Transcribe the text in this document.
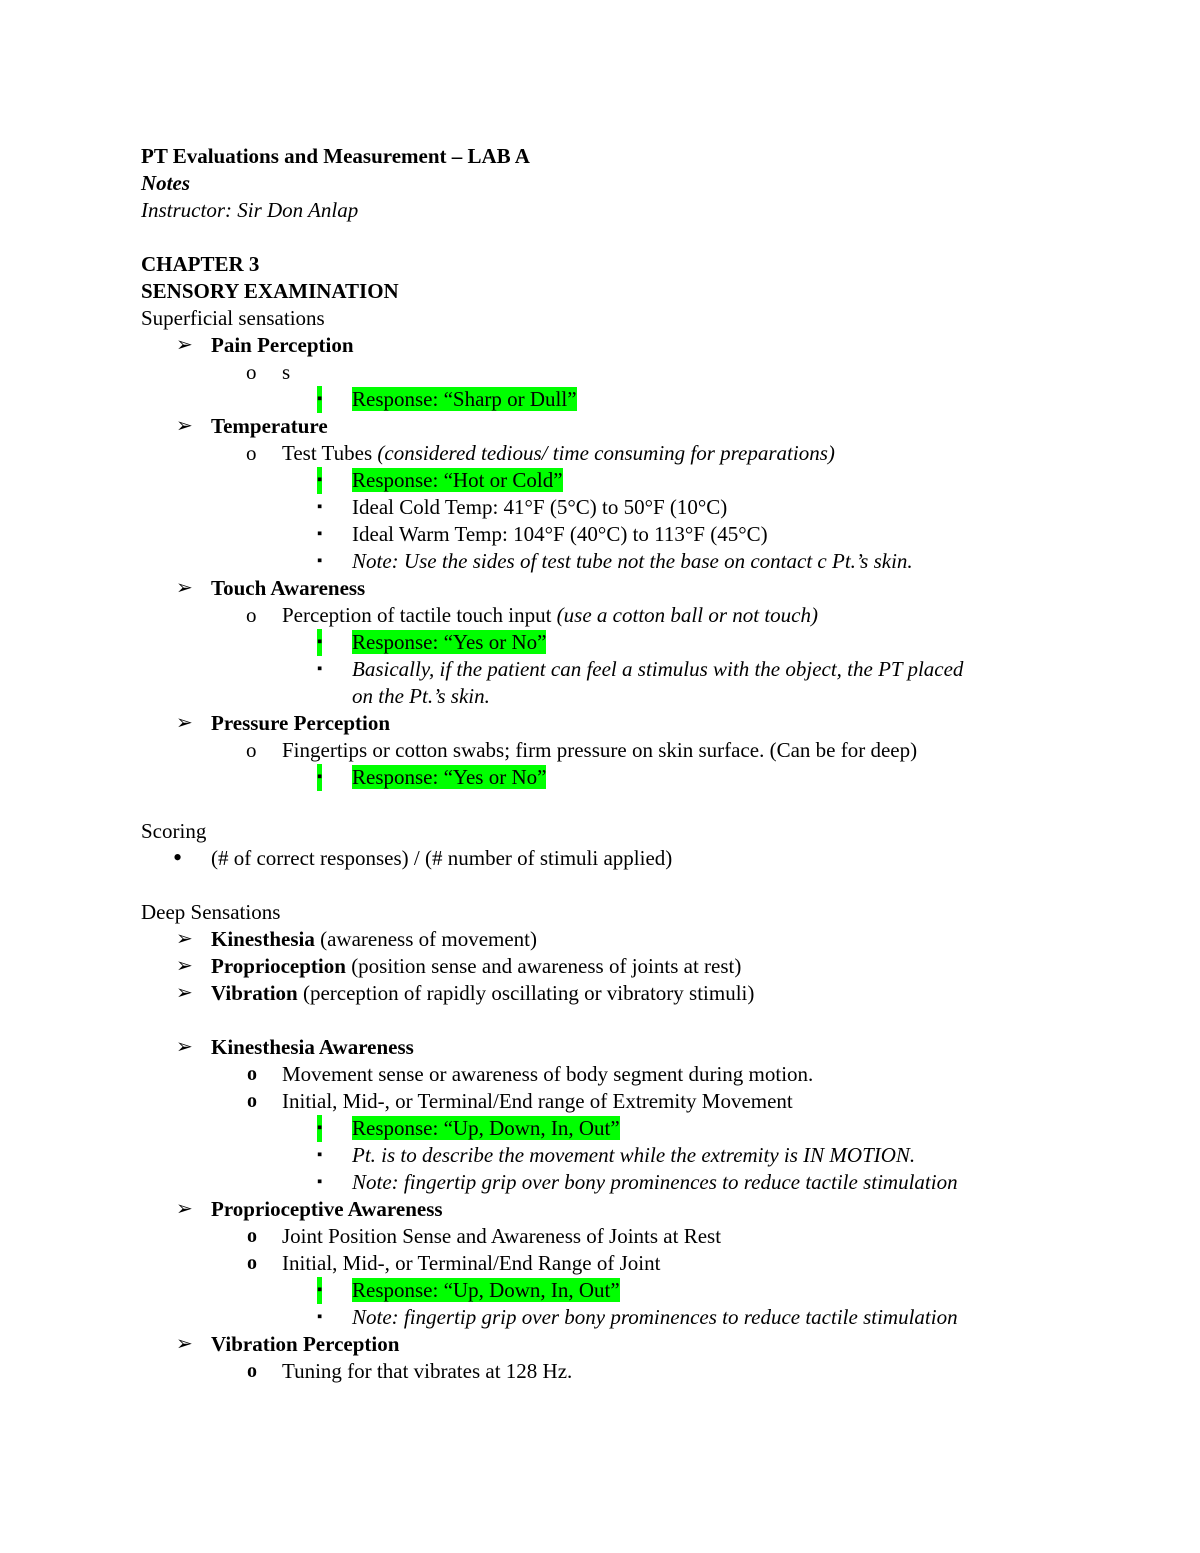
PT Evaluations and Measurement – LAB A
Notes
Instructor: Sir Don Anlap
CHAPTER 3
SENSORY EXAMINATION
Superficial sensations
➢ Pain Perception
o s
▪ Response: “Sharp or Dull”
➢ Temperature
o Test Tubes (considered tedious/ time consuming for preparations)
▪ Response: “Hot or Cold”
▪ Ideal Cold Temp: 41°F (5°C) to 50°F (10°C)
▪ Ideal Warm Temp: 104°F (40°C) to 113°F (45°C)
▪ Note: Use the sides of test tube not the base on contact c Pt.’s skin.
➢ Touch Awareness
o Perception of tactile touch input (use a cotton ball or not touch)
▪ Response: “Yes or No”
▪ Basically, if the patient can feel a stimulus with the object, the PT placed
on the Pt.’s skin.
➢ Pressure Perception
o Fingertips or cotton swabs; firm pressure on skin surface. (Can be for deep)
▪ Response: “Yes or No”
Scoring
• (# of correct responses) / (# number of stimuli applied)
Deep Sensations
➢ Kinesthesia (awareness of movement)
➢ Proprioception (position sense and awareness of joints at rest)
➢ Vibration (perception of rapidly oscillating or vibratory stimuli)
➢ Kinesthesia Awareness
o Movement sense or awareness of body segment during motion.
o Initial, Mid-, or Terminal/End range of Extremity Movement
▪ Response: “Up, Down, In, Out”
▪ Pt. is to describe the movement while the extremity is IN MOTION.
▪ Note: fingertip grip over bony prominences to reduce tactile stimulation
➢ Proprioceptive Awareness
o Joint Position Sense and Awareness of Joints at Rest
o Initial, Mid-, or Terminal/End Range of Joint
▪ Response: “Up, Down, In, Out”
▪ Note: fingertip grip over bony prominences to reduce tactile stimulation
➢ Vibration Perception
o Tuning for that vibrates at 128 Hz.
